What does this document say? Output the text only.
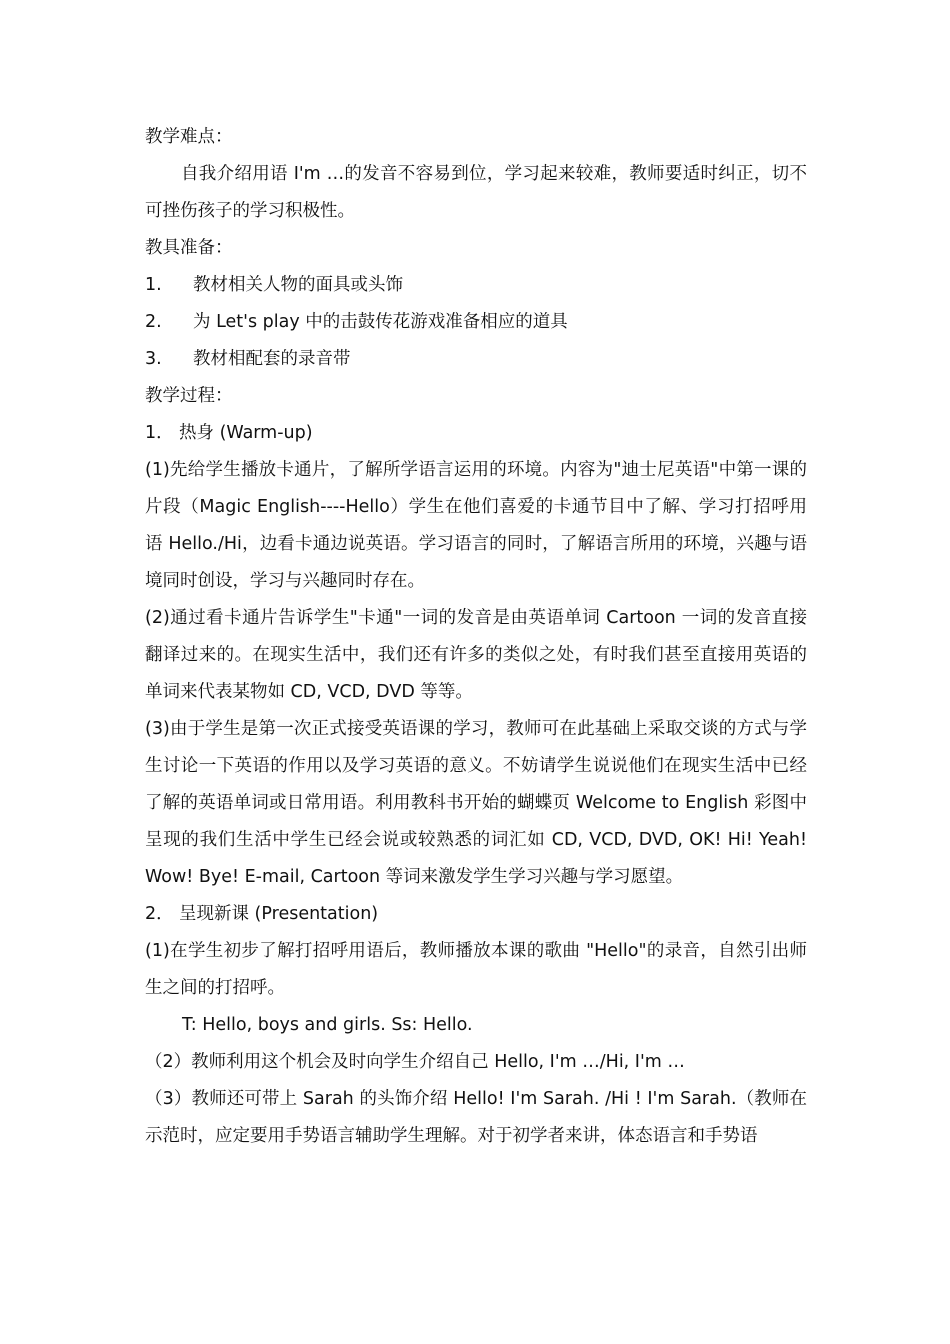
教学难点：

自我介绍用语 I'm …的发音不容易到位，学习起来较难，教师要适时纠正，切不可挫伤孩子的学习积极性。

教具准备：

1.	教材相关人物的面具或头饰
2.	为 Let's play 中的击鼓传花游戏准备相应的道具
3.	教材相配套的录音带

教学过程：

1． 热身 (Warm-up)

(1)先给学生播放卡通片，了解所学语言运用的环境。内容为"迪士尼英语"中第一课的片段（Magic English----Hello）学生在他们喜爱的卡通节目中了解、学习打招呼用语 Hello./Hi，边看卡通边说英语。学习语言的同时，了解语言所用的环境，兴趣与语境同时创设，学习与兴趣同时存在。

(2)通过看卡通片告诉学生"卡通"一词的发音是由英语单词 Cartoon 一词的发音直接翻译过来的。在现实生活中，我们还有许多的类似之处，有时我们甚至直接用英语的单词来代表某物如 CD, VCD, DVD 等等。

(3)由于学生是第一次正式接受英语课的学习，教师可在此基础上采取交谈的方式与学生讨论一下英语的作用以及学习英语的意义。不妨请学生说说他们在现实生活中已经了解的英语单词或日常用语。利用教科书开始的蝴蝶页 Welcome to English 彩图中呈现的我们生活中学生已经会说或较熟悉的词汇如 CD, VCD, DVD, OK! Hi! Yeah! Wow! Bye! E-mail, Cartoon 等词来激发学生学习兴趣与学习愿望。

2． 呈现新课 (Presentation)

(1)在学生初步了解打招呼用语后，教师播放本课的歌曲 "Hello"的录音，自然引出师生之间的打招呼。

T: Hello, boys and girls. Ss: Hello.

（2）教师利用这个机会及时向学生介绍自己 Hello, I'm …/Hi, I'm …

（3）教师还可带上 Sarah 的头饰介绍 Hello! I'm Sarah. /Hi ! I'm Sarah.（教师在示范时，应定要用手势语言辅助学生理解。对于初学者来讲，体态语言和手势语
